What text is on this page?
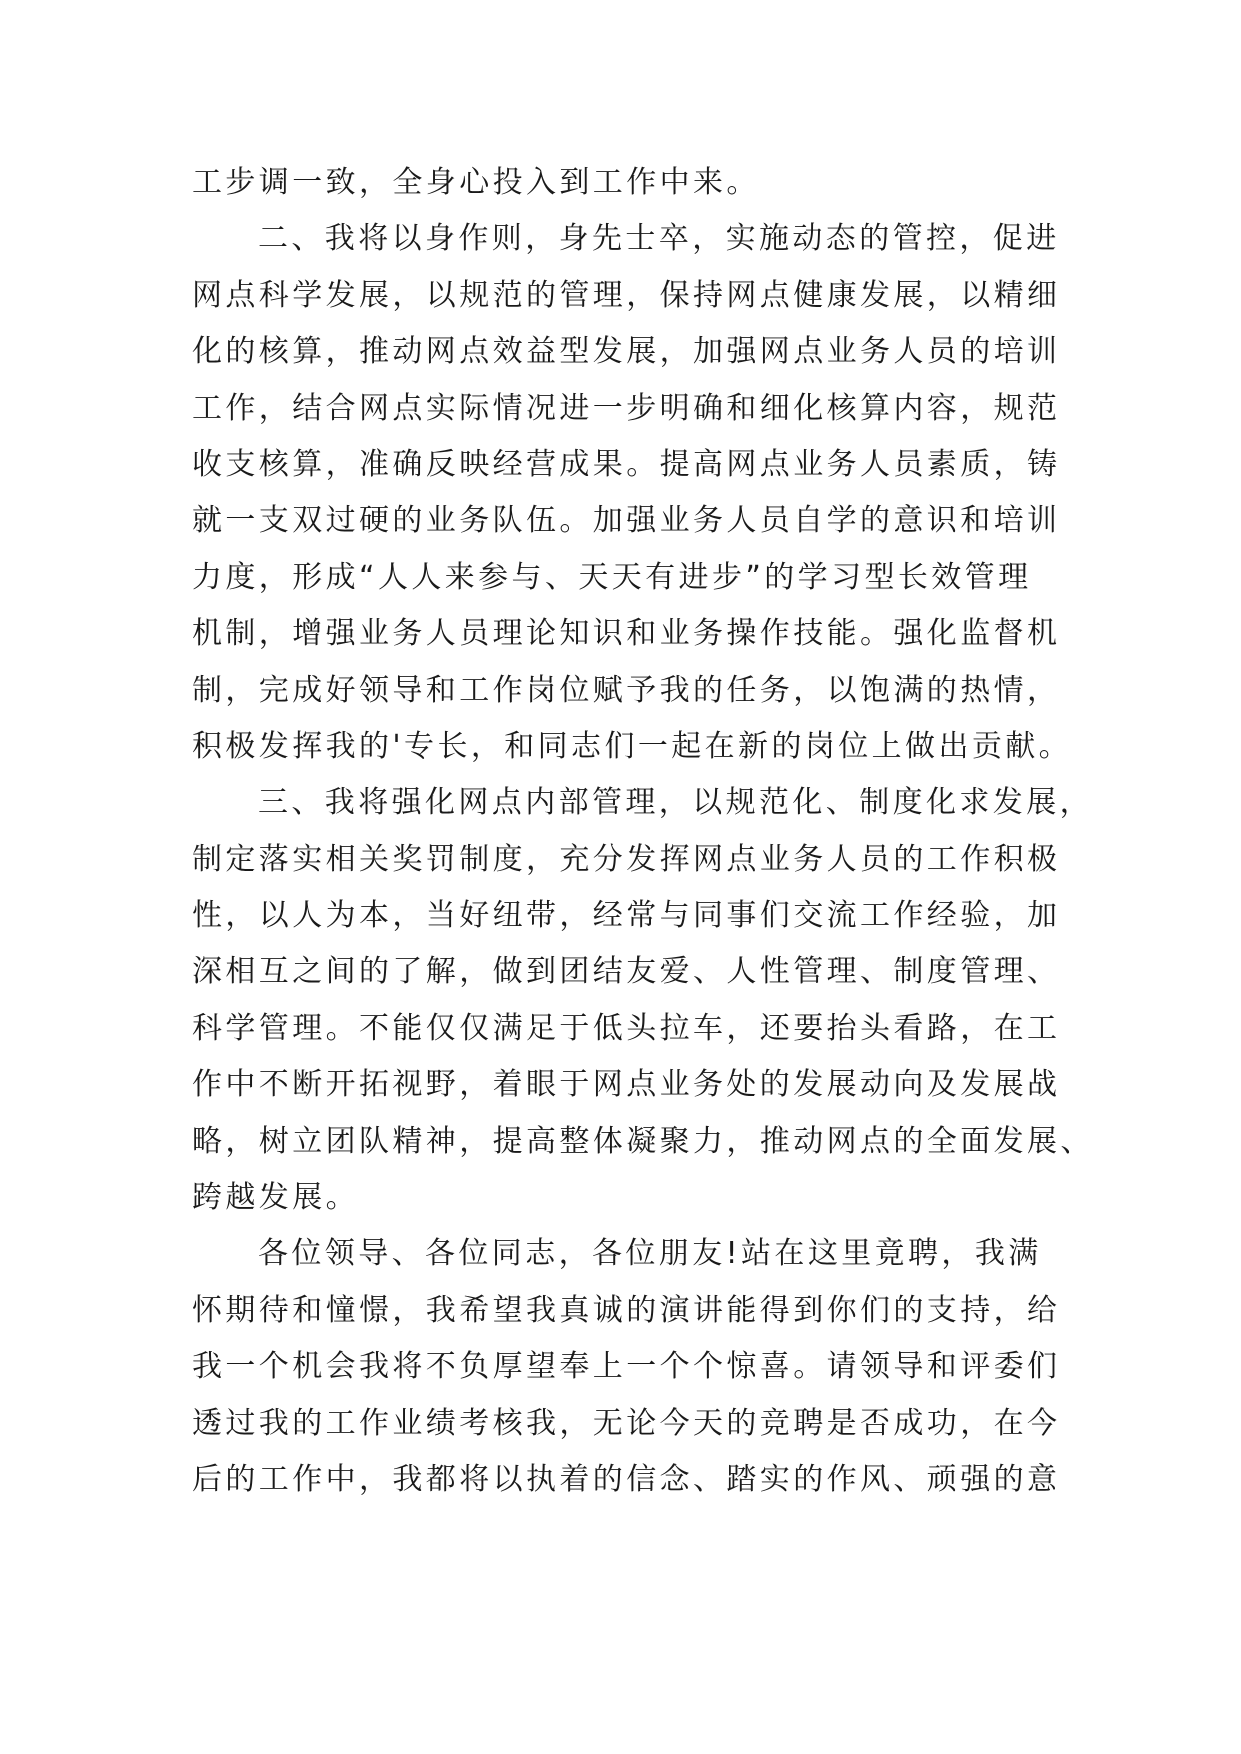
工步调一致，全身心投入到工作中来。
二、我将以身作则，身先士卒，实施动态的管控，促进
网点科学发展，以规范的管理，保持网点健康发展，以精细
化的核算，推动网点效益型发展，加强网点业务人员的培训
工作，结合网点实际情况进一步明确和细化核算内容，规范
收支核算，准确反映经营成果。提高网点业务人员素质，铸
就一支双过硬的业务队伍。加强业务人员自学的意识和培训
力度，形成“人人来参与、天天有进步”的学习型长效管理
机制，增强业务人员理论知识和业务操作技能。强化监督机
制，完成好领导和工作岗位赋予我的任务，以饱满的热情，
积极发挥我的'专长，和同志们一起在新的岗位上做出贡献。
三、我将强化网点内部管理，以规范化、制度化求发展，
制定落实相关奖罚制度，充分发挥网点业务人员的工作积极
性，以人为本，当好纽带，经常与同事们交流工作经验，加
深相互之间的了解，做到团结友爱、人性管理、制度管理、
科学管理。不能仅仅满足于低头拉车，还要抬头看路，在工
作中不断开拓视野，着眼于网点业务处的发展动向及发展战
略，树立团队精神，提高整体凝聚力，推动网点的全面发展、
跨越发展。
各位领导、各位同志，各位朋友!站在这里竟聘，我满
怀期待和憧憬，我希望我真诚的演讲能得到你们的支持，给
我一个机会我将不负厚望奉上一个个惊喜。请领导和评委们
透过我的工作业绩考核我，无论今天的竞聘是否成功，在今
后的工作中，我都将以执着的信念、踏实的作风、顽强的意
